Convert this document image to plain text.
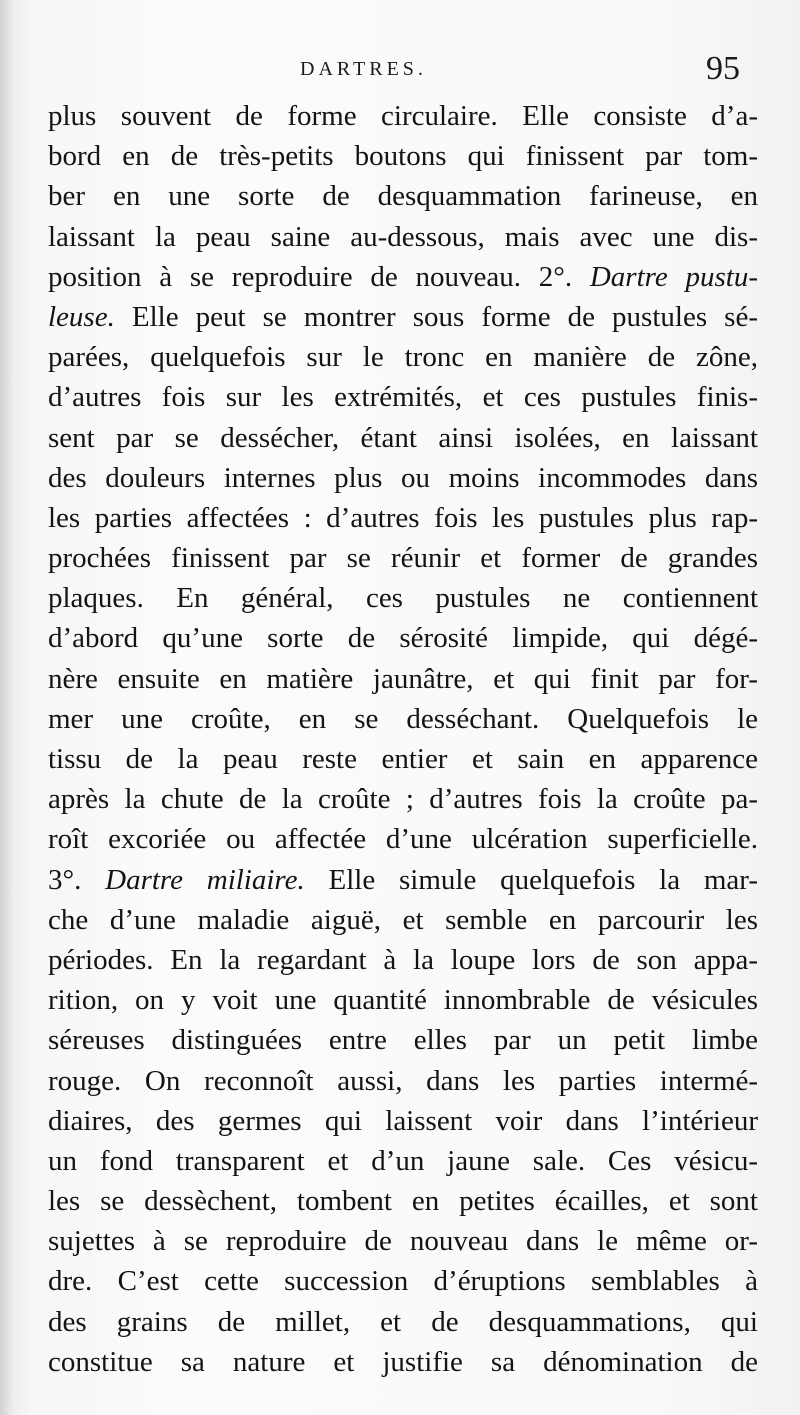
DARTRES.	95
plus souvent de forme circulaire. Elle consiste d’a-
bord en de très-petits boutons qui finissent par tom-
ber en une sorte de desquammation farineuse, en
laissant la peau saine au-dessous, mais avec une dis-
position à se reproduire de nouveau. 2°. Dartre pustu-
leuse. Elle peut se montrer sous forme de pustules sé-
parées, quelquefois sur le tronc en manière de zône,
d’autres fois sur les extrémités, et ces pustules finis-
sent par se dessécher, étant ainsi isolées, en laissant
des douleurs internes plus ou moins incommodes dans
les parties affectées : d’autres fois les pustules plus rap-
prochées finissent par se réunir et former de grandes
plaques. En général, ces pustules ne contiennent
d’abord qu’une sorte de sérosité limpide, qui dégé-
nère ensuite en matière jaunâtre, et qui finit par for-
mer une croûte, en se desséchant. Quelquefois le
tissu de la peau reste entier et sain en apparence
après la chute de la croûte ; d’autres fois la croûte pa-
roît excoriée ou affectée d’une ulcération superficielle.
3°. Dartre miliaire. Elle simule quelquefois la mar-
che d’une maladie aiguë, et semble en parcourir les
périodes. En la regardant à la loupe lors de son appa-
rition, on y voit une quantité innombrable de vésicules
séreuses distinguées entre elles par un petit limbe
rouge. On reconnoît aussi, dans les parties intermé-
diaires, des germes qui laissent voir dans l’intérieur
un fond transparent et d’un jaune sale. Ces vésicu-
les se dessèchent, tombent en petites écailles, et sont
sujettes à se reproduire de nouveau dans le même or-
dre. C’est cette succession d’éruptions semblables à
des grains de millet, et de desquammations, qui
constitue sa nature et justifie sa dénomination de
